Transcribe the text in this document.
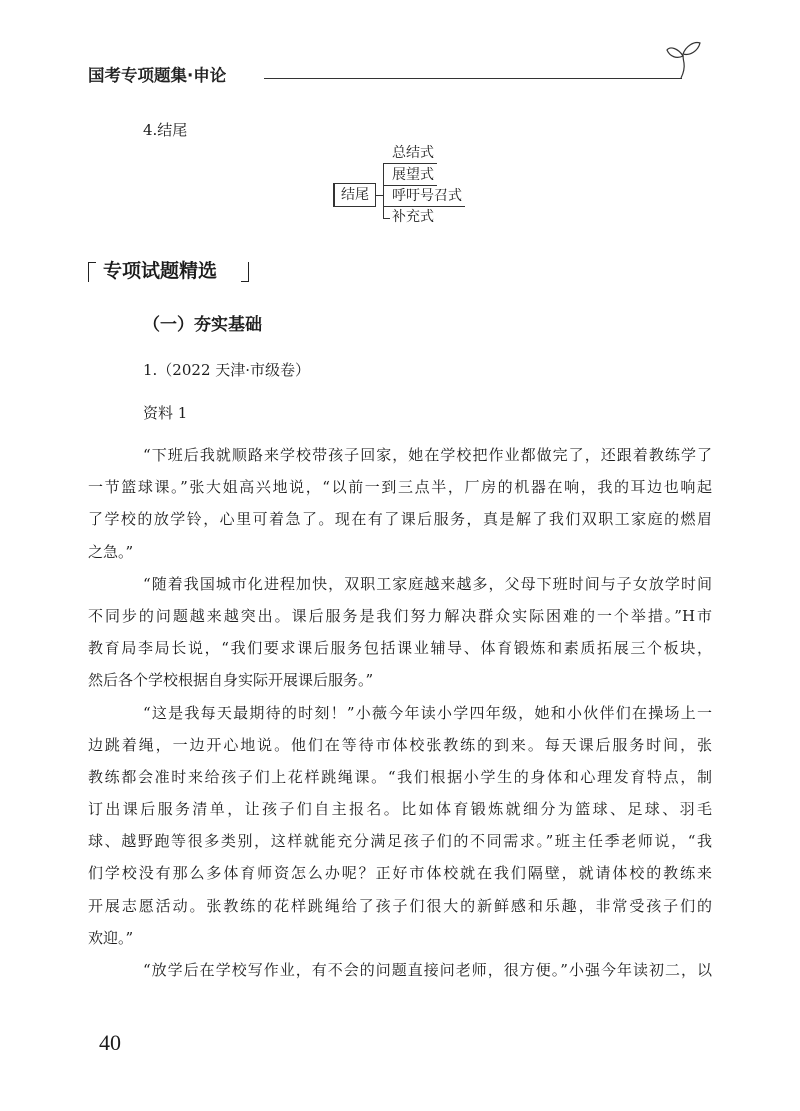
国考专项题集·申论
4.结尾
结尾
总结式
展望式
呼吁号召式
补充式
专项试题精选
（一）夯实基础
1.（2022 天津·市级卷）
资料 1
“下班后我就顺路来学校带孩子回家，她在学校把作业都做完了，还跟着教练学了
一节篮球课。”张大姐高兴地说，“以前一到三点半，厂房的机器在响，我的耳边也响起
了学校的放学铃，心里可着急了。现在有了课后服务，真是解了我们双职工家庭的燃眉
之急。”
“随着我国城市化进程加快，双职工家庭越来越多，父母下班时间与子女放学时间
不同步的问题越来越突出。课后服务是我们努力解决群众实际困难的一个举措。”H市
教育局李局长说，“我们要求课后服务包括课业辅导、体育锻炼和素质拓展三个板块，
然后各个学校根据自身实际开展课后服务。”
“这是我每天最期待的时刻！”小薇今年读小学四年级，她和小伙伴们在操场上一
边跳着绳，一边开心地说。他们在等待市体校张教练的到来。每天课后服务时间，张
教练都会准时来给孩子们上花样跳绳课。“我们根据小学生的身体和心理发育特点，制
订出课后服务清单，让孩子们自主报名。比如体育锻炼就细分为篮球、足球、羽毛
球、越野跑等很多类别，这样就能充分满足孩子们的不同需求。”班主任季老师说，“我
们学校没有那么多体育师资怎么办呢？正好市体校就在我们隔壁，就请体校的教练来
开展志愿活动。张教练的花样跳绳给了孩子们很大的新鲜感和乐趣，非常受孩子们的
欢迎。”
“放学后在学校写作业，有不会的问题直接问老师，很方便。”小强今年读初二，以
40
